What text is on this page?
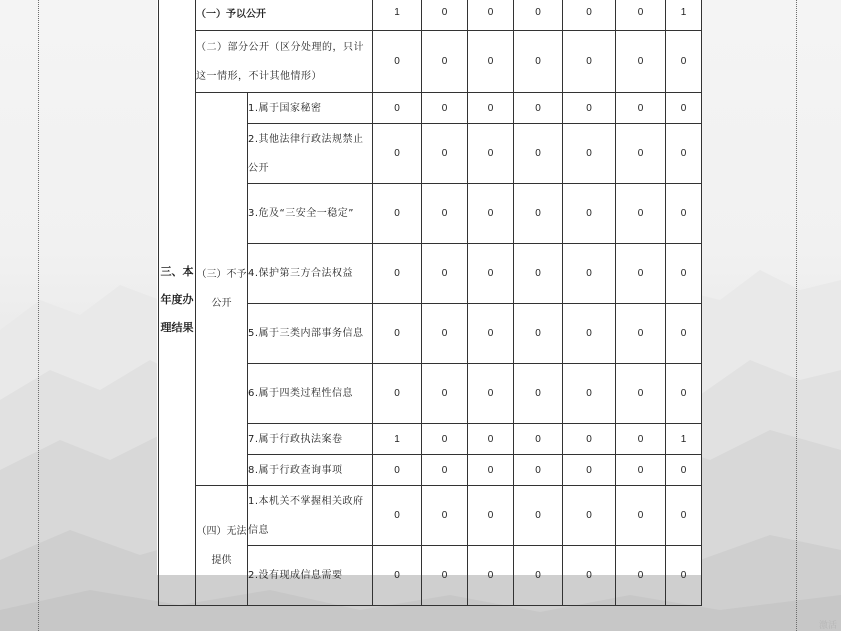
三、本年度办理结果	（一）予以公开		1	0	0	0	0	0	1
	（二）部分公开（区分处理的，只计这一情形，不计其他情形）		0	0	0	0	0	0	0
	（三）不予公开	1.属于国家秘密	0	0	0	0	0	0	0
		2.其他法律行政法规禁止公开	0	0	0	0	0	0	0
		3.危及“三安全一稳定”	0	0	0	0	0	0	0
		4.保护第三方合法权益	0	0	0	0	0	0	0
		5.属于三类内部事务信息	0	0	0	0	0	0	0
		6.属于四类过程性信息	0	0	0	0	0	0	0
		7.属于行政执法案卷	1	0	0	0	0	0	1
		8.属于行政查询事项	0	0	0	0	0	0	0
	（四）无法提供	1.本机关不掌握相关政府信息	0	0	0	0	0	0	0
		2.没有现成信息需要	0	0	0	0	0	0	0
激活
